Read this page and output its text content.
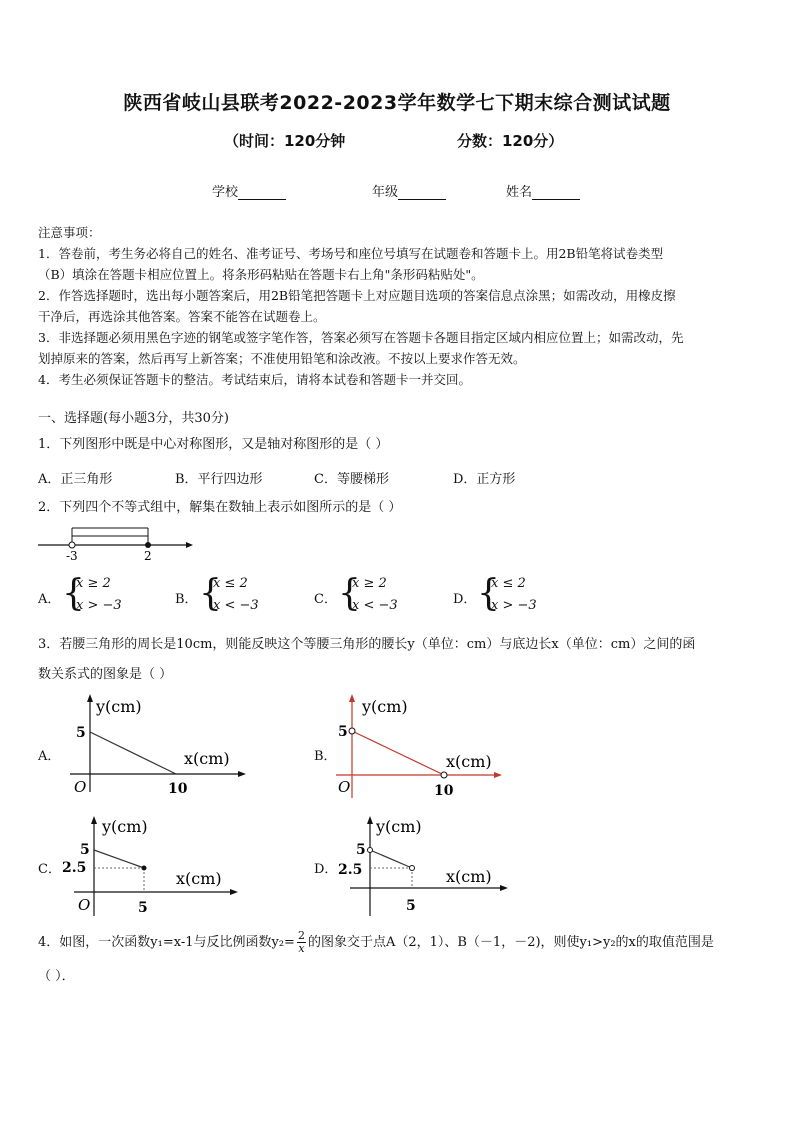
陕西省岐山县联考2022-2023学年数学七下期末综合测试试题
（时间：120分钟	分数：120分）
学校	年级	姓名

注意事项：

1．答卷前，考生务必将自己的姓名、准考证号、考场号和座位号填写在试题卷和答题卡上。用2B铅笔将试卷类型

（B）填涂在答题卡相应位置上。将条形码粘贴在答题卡右上角"条形码粘贴处"。

2．作答选择题时，选出每小题答案后，用2B铅笔把答题卡上对应题目选项的答案信息点涂黑；如需改动，用橡皮擦

干净后，再选涂其他答案。答案不能答在试题卷上。

3．非选择题必须用黑色字迹的钢笔或签字笔作答，答案必须写在答题卡各题目指定区域内相应位置上；如需改动，先

划掉原来的答案，然后再写上新答案；不准使用铅笔和涂改液。不按以上要求作答无效。

4．考生必须保证答题卡的整洁。考试结束后，请将本试卷和答题卡一并交回。

一、选择题(每小题3分，共30分)
1．下列图形中既是中心对称图形，又是轴对称图形的是（ ）
A．正三角形	B．平行四边形	C．等腰梯形	D．正方形
2．下列四个不等式组中，解集在数轴上表示如图所示的是（ ）
-3	2
A． {
x ≥ 2
x > −3	B． {
x ≤ 2
x < −3	C． {
x ≥ 2
x < −3	D． {
x ≤ 2
x > −3
3．若腰三角形的周长是10cm，则能反映这个等腰三角形的腰长y（单位：cm）与底边长x（单位：cm）之间的函
数关系式的图象是（ ）
A．
y(cm)
x(cm)
5
O	10
B．
y(cm)
x(cm)
5
O	10
C．
y(cm)
x(cm)
5
2.5
O	5
D．
y(cm)
x(cm)
5
2.5
5
4．如图，一次函数y₁=x-1与反比例函数$y_2= \frac{2}{x}$ 的图象交于点A（2，1）、B（－1，－2)，则使y₁>y₂的x的取值范围是
（ ）．
